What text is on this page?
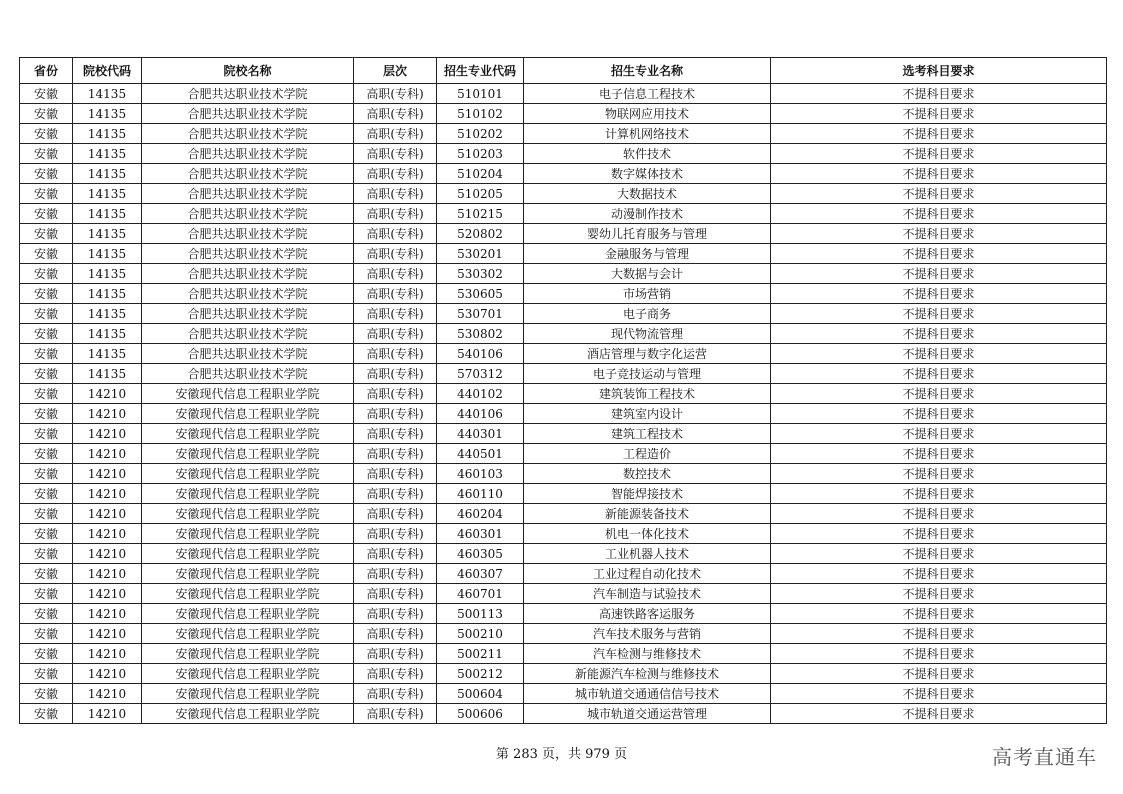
省份	院校代码	院校名称	层次	招生专业代码	招生专业名称	选考科目要求
安徽	14135	合肥共达职业技术学院	高职(专科)	510101	电子信息工程技术	不提科目要求
安徽	14135	合肥共达职业技术学院	高职(专科)	510102	物联网应用技术	不提科目要求
安徽	14135	合肥共达职业技术学院	高职(专科)	510202	计算机网络技术	不提科目要求
安徽	14135	合肥共达职业技术学院	高职(专科)	510203	软件技术	不提科目要求
安徽	14135	合肥共达职业技术学院	高职(专科)	510204	数字媒体技术	不提科目要求
安徽	14135	合肥共达职业技术学院	高职(专科)	510205	大数据技术	不提科目要求
安徽	14135	合肥共达职业技术学院	高职(专科)	510215	动漫制作技术	不提科目要求
安徽	14135	合肥共达职业技术学院	高职(专科)	520802	婴幼儿托育服务与管理	不提科目要求
安徽	14135	合肥共达职业技术学院	高职(专科)	530201	金融服务与管理	不提科目要求
安徽	14135	合肥共达职业技术学院	高职(专科)	530302	大数据与会计	不提科目要求
安徽	14135	合肥共达职业技术学院	高职(专科)	530605	市场营销	不提科目要求
安徽	14135	合肥共达职业技术学院	高职(专科)	530701	电子商务	不提科目要求
安徽	14135	合肥共达职业技术学院	高职(专科)	530802	现代物流管理	不提科目要求
安徽	14135	合肥共达职业技术学院	高职(专科)	540106	酒店管理与数字化运营	不提科目要求
安徽	14135	合肥共达职业技术学院	高职(专科)	570312	电子竞技运动与管理	不提科目要求
安徽	14210	安徽现代信息工程职业学院	高职(专科)	440102	建筑装饰工程技术	不提科目要求
安徽	14210	安徽现代信息工程职业学院	高职(专科)	440106	建筑室内设计	不提科目要求
安徽	14210	安徽现代信息工程职业学院	高职(专科)	440301	建筑工程技术	不提科目要求
安徽	14210	安徽现代信息工程职业学院	高职(专科)	440501	工程造价	不提科目要求
安徽	14210	安徽现代信息工程职业学院	高职(专科)	460103	数控技术	不提科目要求
安徽	14210	安徽现代信息工程职业学院	高职(专科)	460110	智能焊接技术	不提科目要求
安徽	14210	安徽现代信息工程职业学院	高职(专科)	460204	新能源装备技术	不提科目要求
安徽	14210	安徽现代信息工程职业学院	高职(专科)	460301	机电一体化技术	不提科目要求
安徽	14210	安徽现代信息工程职业学院	高职(专科)	460305	工业机器人技术	不提科目要求
安徽	14210	安徽现代信息工程职业学院	高职(专科)	460307	工业过程自动化技术	不提科目要求
安徽	14210	安徽现代信息工程职业学院	高职(专科)	460701	汽车制造与试验技术	不提科目要求
安徽	14210	安徽现代信息工程职业学院	高职(专科)	500113	高速铁路客运服务	不提科目要求
安徽	14210	安徽现代信息工程职业学院	高职(专科)	500210	汽车技术服务与营销	不提科目要求
安徽	14210	安徽现代信息工程职业学院	高职(专科)	500211	汽车检测与维修技术	不提科目要求
安徽	14210	安徽现代信息工程职业学院	高职(专科)	500212	新能源汽车检测与维修技术	不提科目要求
安徽	14210	安徽现代信息工程职业学院	高职(专科)	500604	城市轨道交通通信信号技术	不提科目要求
安徽	14210	安徽现代信息工程职业学院	高职(专科)	500606	城市轨道交通运营管理	不提科目要求
第 283 页，共 979 页	高考直通车
